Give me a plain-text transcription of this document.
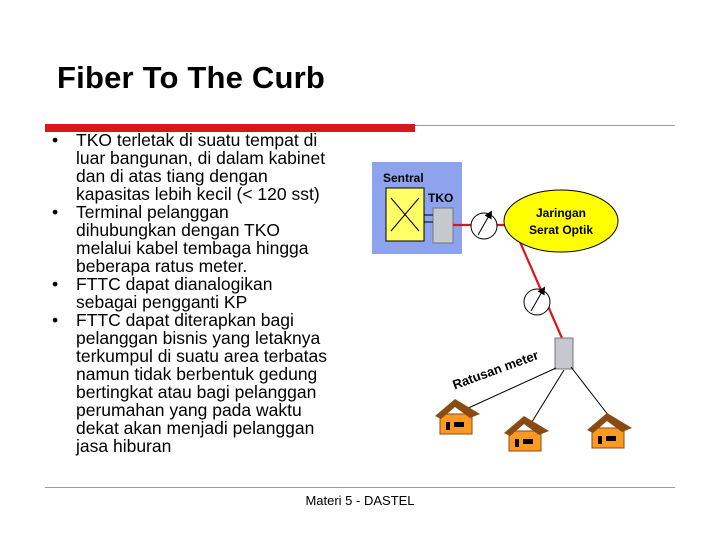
Fiber To The Curb
• TKO terletak di suatu tempat di
luar bangunan, di dalam kabinet
dan di atas tiang dengan
kapasitas lebih kecil (< 120 sst)
• Terminal pelanggan
dihubungkan dengan TKO
melalui kabel tembaga hingga
beberapa ratus meter.
• FTTC dapat dianalogikan
sebagai pengganti KP
• FTTC dapat diterapkan bagi
pelanggan bisnis yang letaknya
terkumpul di suatu area terbatas
namun tidak berbentuk gedung
bertingkat atau bagi pelanggan
perumahan yang pada waktu
dekat akan menjadi pelanggan
jasa hiburan
Sentral
TKO
Jaringan
Serat Optik
Ratusan meter
Materi 5 - DASTEL
